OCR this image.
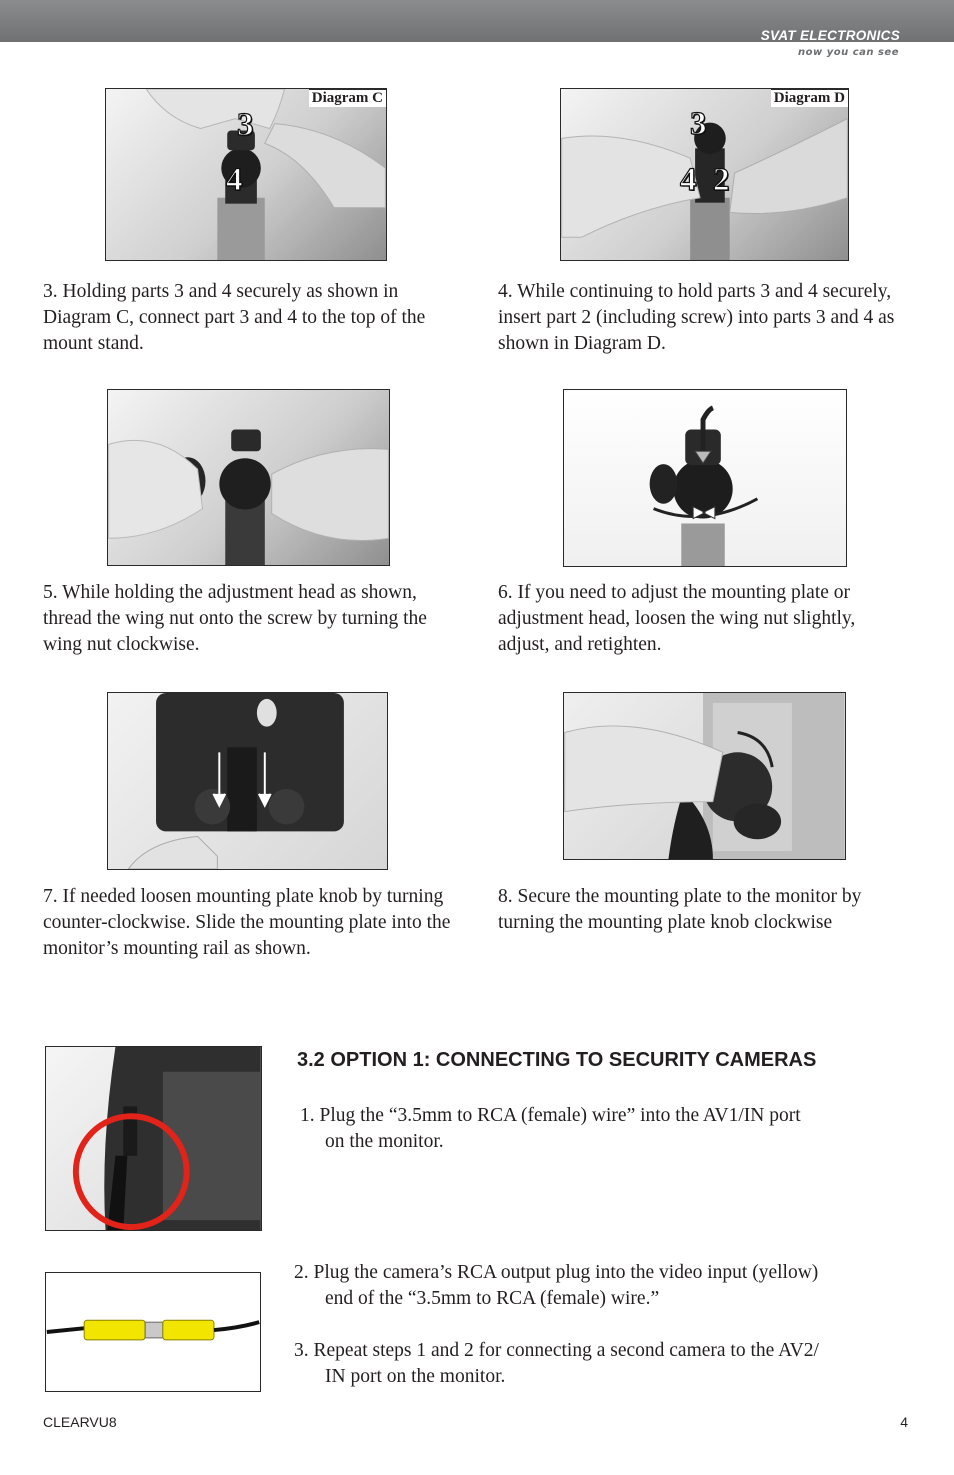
SVAT ELECTRONICS
now you can see
Diagram C
3
4
Diagram D
3
4 2

3. Holding parts 3 and 4 securely as shown in Diagram C, connect part 3 and 4 to the top of the mount stand.

4. While continuing to hold parts 3 and 4 securely, insert part 2 (including screw) into parts 3 and 4 as shown in Diagram D.

5. While holding the adjustment head as shown, thread the wing nut onto the screw by turning the wing nut clockwise.

6. If you need to adjust the mounting plate or adjustment head, loosen the wing nut slightly, adjust, and retighten.

7. If needed loosen mounting plate knob by turning counter-clockwise. Slide the mounting plate into the monitor’s mounting rail as shown.

8. Secure the mounting plate to the monitor by turning the mounting plate knob clockwise

3.2 OPTION 1: CONNECTING TO SECURITY CAMERAS

1. Plug the “3.5mm to RCA (female) wire” into the AV1/IN port

on the monitor.

2. Plug the camera’s RCA output plug into the video input (yellow)

end of the “3.5mm to RCA (female) wire.”

3. Repeat steps 1 and 2 for connecting a second camera to the AV2/

IN port on the monitor.

CLEARVU8	4
